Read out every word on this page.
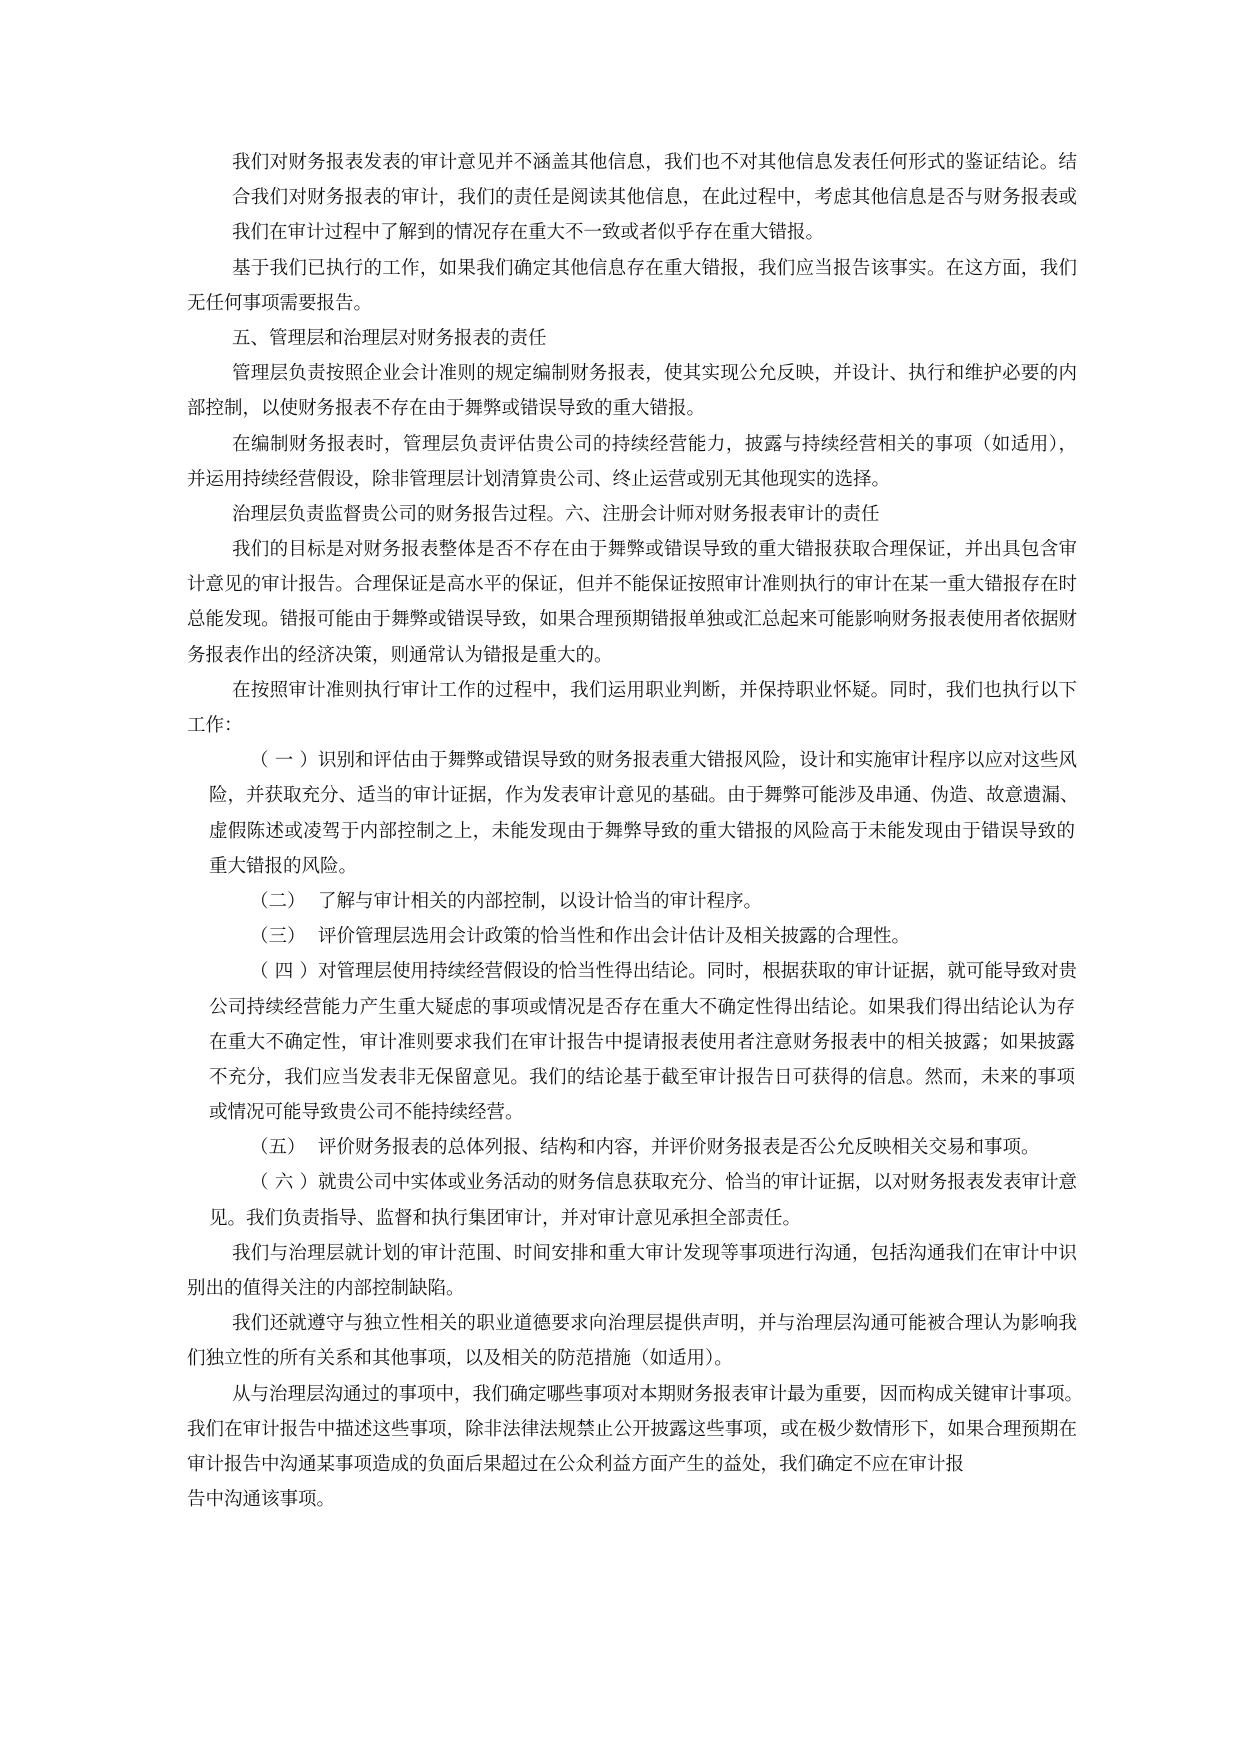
我们对财务报表发表的审计意见并不涵盖其他信息，我们也不对其他信息发表任何形式的鉴证结论。结
合我们对财务报表的审计，我们的责任是阅读其他信息，在此过程中，考虑其他信息是否与财务报表或
我们在审计过程中了解到的情况存在重大不一致或者似乎存在重大错报。
基于我们已执行的工作，如果我们确定其他信息存在重大错报，我们应当报告该事实。在这方面，我们
无任何事项需要报告。
五、管理层和治理层对财务报表的责任
管理层负责按照企业会计准则的规定编制财务报表，使其实现公允反映，并设计、执行和维护必要的内
部控制，以使财务报表不存在由于舞弊或错误导致的重大错报。
在编制财务报表时，管理层负责评估贵公司的持续经营能力，披露与持续经营相关的事项（如适用），
并运用持续经营假设，除非管理层计划清算贵公司、终止运营或别无其他现实的选择。
治理层负责监督贵公司的财务报告过程。六、注册会计师对财务报表审计的责任
我们的目标是对财务报表整体是否不存在由于舞弊或错误导致的重大错报获取合理保证，并出具包含审
计意见的审计报告。合理保证是高水平的保证，但并不能保证按照审计准则执行的审计在某一重大错报存在时
总能发现。错报可能由于舞弊或错误导致，如果合理预期错报单独或汇总起来可能影响财务报表使用者依据财
务报表作出的经济决策，则通常认为错报是重大的。
在按照审计准则执行审计工作的过程中，我们运用职业判断，并保持职业怀疑。同时，我们也执行以下
工作：
（一） 识别和评估由于舞弊或错误导致的财务报表重大错报风险，设计和实施审计程序以应对这些风
险，并获取充分、适当的审计证据，作为发表审计意见的基础。由于舞弊可能涉及串通、伪造、故意遗漏、
虚假陈述或凌驾于内部控制之上，未能发现由于舞弊导致的重大错报的风险高于未能发现由于错误导致的
重大错报的风险。
（二） 了解与审计相关的内部控制，以设计恰当的审计程序。
（三） 评价管理层选用会计政策的恰当性和作出会计估计及相关披露的合理性。
（四） 对管理层使用持续经营假设的恰当性得出结论。同时，根据获取的审计证据，就可能导致对贵
公司持续经营能力产生重大疑虑的事项或情况是否存在重大不确定性得出结论。如果我们得出结论认为存
在重大不确定性，审计准则要求我们在审计报告中提请报表使用者注意财务报表中的相关披露；如果披露
不充分，我们应当发表非无保留意见。我们的结论基于截至审计报告日可获得的信息。然而，未来的事项
或情况可能导致贵公司不能持续经营。
（五） 评价财务报表的总体列报、结构和内容，并评价财务报表是否公允反映相关交易和事项。
（六） 就贵公司中实体或业务活动的财务信息获取充分、恰当的审计证据，以对财务报表发表审计意
见。我们负责指导、监督和执行集团审计，并对审计意见承担全部责任。
我们与治理层就计划的审计范围、时间安排和重大审计发现等事项进行沟通，包括沟通我们在审计中识
别出的值得关注的内部控制缺陷。
我们还就遵守与独立性相关的职业道德要求向治理层提供声明，并与治理层沟通可能被合理认为影响我
们独立性的所有关系和其他事项，以及相关的防范措施（如适用）。
从与治理层沟通过的事项中，我们确定哪些事项对本期财务报表审计最为重要，因而构成关键审计事项。
我们在审计报告中描述这些事项，除非法律法规禁止公开披露这些事项，或在极少数情形下，如果合理预期在
审计报告中沟通某事项造成的负面后果超过在公众利益方面产生的益处，我们确定不应在审计报
告中沟通该事项。
